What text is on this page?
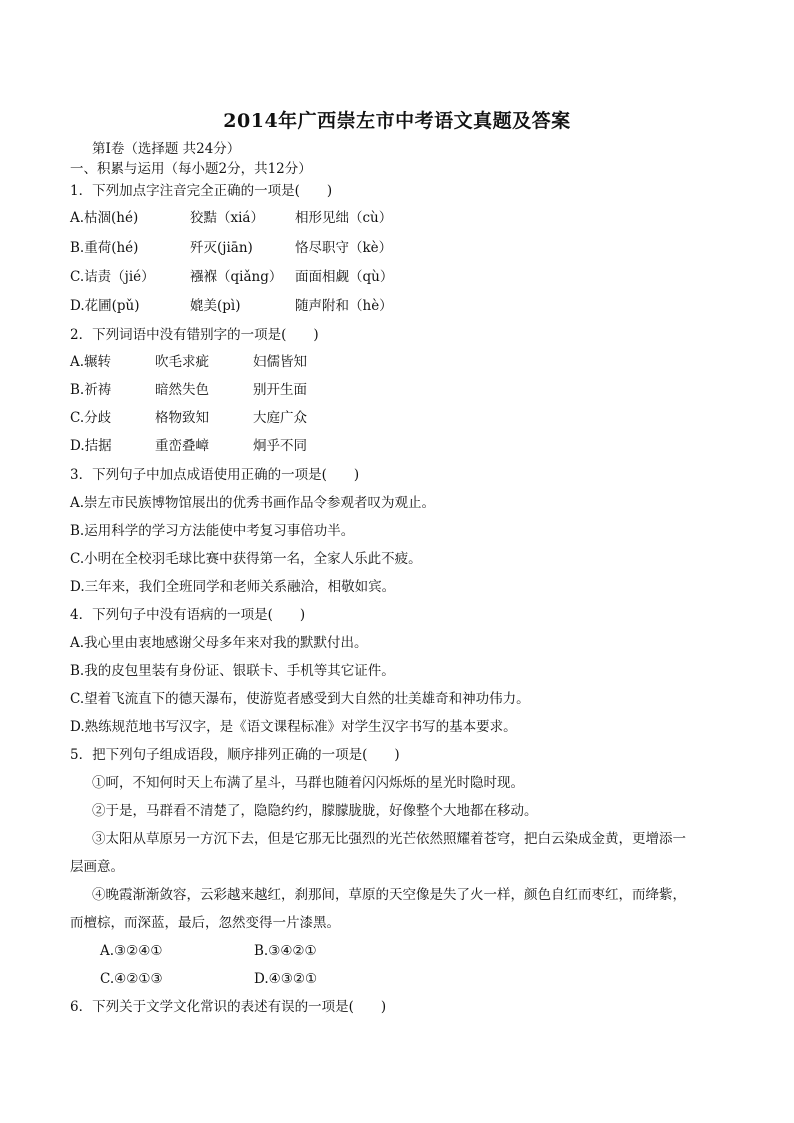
2014年广西崇左市中考语文真题及答案
第Ⅰ卷（选择题 共24分）
一、积累与运用（每小题2分，共12分）
1．下列加点字注音完全正确的一项是(　　)
A.枯涸(hé)	狡黠（xiá） 相形见绌（cù）
B.重荷(hé)	歼灭(jiān)	恪尽职守（kè）
C.诘责（jié）	襁褓（qiǎng） 面面相觑（qù）
D.花圃(pǔ)	媲美(pì)	随声附和（hè）
2．下列词语中没有错别字的一项是(　　)
A.辗转	吹毛求疵	妇儒皆知
B.祈祷	暗然失色	别开生面
C.分歧	格物致知	大庭广众
D.拮据	重峦叠嶂	炯乎不同
3．下列句子中加点成语使用正确的一项是(　　)
A.崇左市民族博物馆展出的优秀书画作品令参观者叹为观止。
B.运用科学的学习方法能使中考复习事倍功半。
C.小明在全校羽毛球比赛中获得第一名，全家人乐此不疲。
D.三年来，我们全班同学和老师关系融洽，相敬如宾。
4．下列句子中没有语病的一项是(　　)
A.我心里由衷地感谢父母多年来对我的默默付出。
B.我的皮包里装有身份证、银联卡、手机等其它证件。
C.望着飞流直下的德天瀑布，使游览者感受到大自然的壮美雄奇和神功伟力。
D.熟练规范地书写汉字，是《语文课程标准》对学生汉字书写的基本要求。
5．把下列句子组成语段，顺序排列正确的一项是(　　)
①呵，不知何时天上布满了星斗，马群也随着闪闪烁烁的星光时隐时现。
②于是，马群看不清楚了，隐隐约约，朦朦胧胧，好像整个大地都在移动。
③太阳从草原另一方沉下去，但是它那无比强烈的光芒依然照耀着苍穹，把白云染成金黄，更增添一
层画意。
④晚霞渐渐敛容，云彩越来越红，刹那间，草原的天空像是失了火一样，颜色自红而枣红，而绛紫，
而檀棕，而深蓝，最后，忽然变得一片漆黑。
A.③②④①	B.③④②①
C.④②①③	D.④③②①
6．下列关于文学文化常识的表述有误的一项是(　　)
